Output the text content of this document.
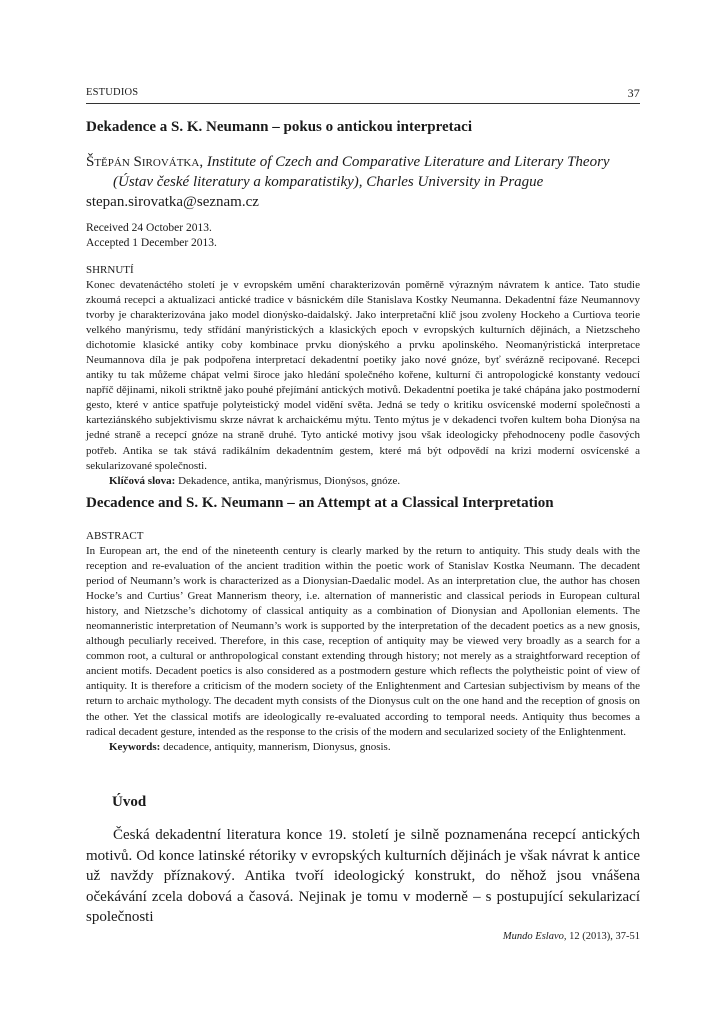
ESTUDIOS	37
Dekadence a S. K. Neumann – pokus o antickou interpretaci
Štěpán Sirovátka, Institute of Czech and Comparative Literature and Literary Theory
(Ústav české literatury a komparatistiky), Charles University in Prague
stepan.sirovatka@seznam.cz
Received 24 October 2013.
Accepted 1 December 2013.
SHRNUTÍ
Konec devatenáctého století je v evropském umění charakterizován poměrně výrazným návratem k antice. Tato studie zkoumá recepci a aktualizaci antické tradice v básnickém díle Stanislava Kostky Neumanna. Dekadentní fáze Neumannovy tvorby je charakterizována jako model dionýsko-daidalský. Jako interpretační klíč jsou zvoleny Hockeho a Curtiova teorie velkého manýrismu, tedy střídání manýristických a klasických epoch v evropských kulturních dějinách, a Nietzscheho dichotomie klasické antiky coby kombinace prvku dionýského a prvku apolinského. Neomanýristická interpretace Neumannova díla je pak podpořena interpretací dekadentní poetiky jako nové gnóze, byť svérázně recipované. Recepci antiky tu tak můžeme chápat velmi široce jako hledání společného kořene, kulturní či antropologické konstanty vedoucí napříč dějinami, nikoli striktně jako pouhé přejímání antických motivů. Dekadentní poetika je také chápána jako postmoderní gesto, které v antice spatřuje polyteistický model vidění světa. Jedná se tedy o kritiku osvícenské moderní společnosti a karteziánského subjektivismu skrze návrat k archaickému mýtu. Tento mýtus je v dekadenci tvořen kultem boha Dionýsa na jedné straně a recepcí gnóze na straně druhé. Tyto antické motivy jsou však ideologicky přehodnoceny podle časových potřeb. Antika se tak stává radikálním dekadentním gestem, které má být odpovědí na krizi moderní osvícenské a sekularizované společnosti.
Klíčová slova: Dekadence, antika, manýrismus, Dionýsos, gnóze.
Decadence and S. K. Neumann – an Attempt at a Classical Interpretation
ABSTRACT
In European art, the end of the nineteenth century is clearly marked by the return to antiquity. This study deals with the reception and re-evaluation of the ancient tradition within the poetic work of Stanislav Kostka Neumann. The decadent period of Neumann’s work is characterized as a Dionysian-Daedalic model. As an interpretation clue, the author has chosen Hocke’s and Curtius’ Great Mannerism theory, i.e. alternation of manneristic and classical periods in European cultural history, and Nietzsche’s dichotomy of classical antiquity as a combination of Dionysian and Apollonian elements. The neomanneristic interpretation of Neumann’s work is supported by the interpretation of the decadent poetics as a new gnosis, although peculiarly received. Therefore, in this case, reception of antiquity may be viewed very broadly as a search for a common root, a cultural or anthropological constant extending through history; not merely as a straightforward reception of ancient motifs. Decadent poetics is also considered as a postmodern gesture which reflects the polytheistic point of view of antiquity. It is therefore a criticism of the modern society of the Enlightenment and Cartesian subjectivism by means of the return to archaic mythology. The decadent myth consists of the Dionysus cult on the one hand and the reception of gnosis on the other. Yet the classical motifs are ideologically re-evaluated according to temporal needs. Antiquity thus becomes a radical decadent gesture, intended as the response to the crisis of the modern and secularized society of the Enlightenment.
Keywords: decadence, antiquity, mannerism, Dionysus, gnosis.
Úvod
Česká dekadentní literatura konce 19. století je silně poznamenána recepcí antických motivů. Od konce latinské rétoriky v evropských kulturních dějinách je však návrat k antice už navždy příznakový. Antika tvoří ideologický konstrukt, do něhož jsou vnášena očekávání zcela dobová a časová. Nejinak je tomu v moderně – s postupující sekularizací společnosti
Mundo Eslavo, 12 (2013), 37-51
